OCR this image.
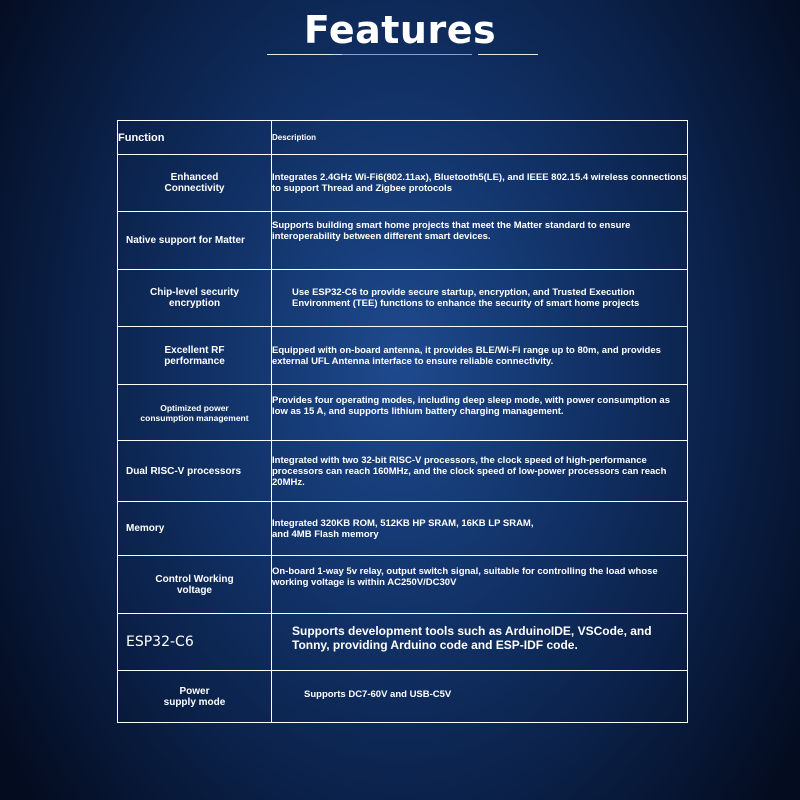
Features
Function	Description
Enhanced
Connectivity	Integrates 2.4GHz Wi-Fi6(802.11ax), Bluetooth5(LE), and IEEE 802.15.4 wireless connections to support Thread and Zigbee protocols
Native support for Matter	Supports building smart home projects that meet the Matter standard to ensure interoperability between different smart devices.
Chip-level security
encryption	Use ESP32-C6 to provide secure startup, encryption, and Trusted Execution Environment (TEE) functions to enhance the security of smart home projects
Excellent RF
performance	Equipped with on-board antenna, it provides BLE/Wi-Fi range up to 80m, and provides external UFL Antenna interface to ensure reliable connectivity.
Optimized power
consumption management	Provides four operating modes, including deep sleep mode, with power consumption as low as 15 A, and supports lithium battery charging management.
Dual RISC-V processors	Integrated with two 32-bit RISC-V processors, the clock speed of high-performance processors can reach 160MHz, and the clock speed of low-power processors can reach 20MHz.
Memory	Integrated 320KB ROM, 512KB HP SRAM, 16KB LP SRAM,
and 4MB Flash memory
Control Working
voltage	On-board 1-way 5v relay, output switch signal, suitable for controlling the load whose working voltage is within AC250V/DC30V
ESP32-C6	Supports development tools such as ArduinoIDE, VSCode, and Tonny, providing Arduino code and ESP-IDF code.
Power
supply mode	Supports DC7-60V and USB-C5V
